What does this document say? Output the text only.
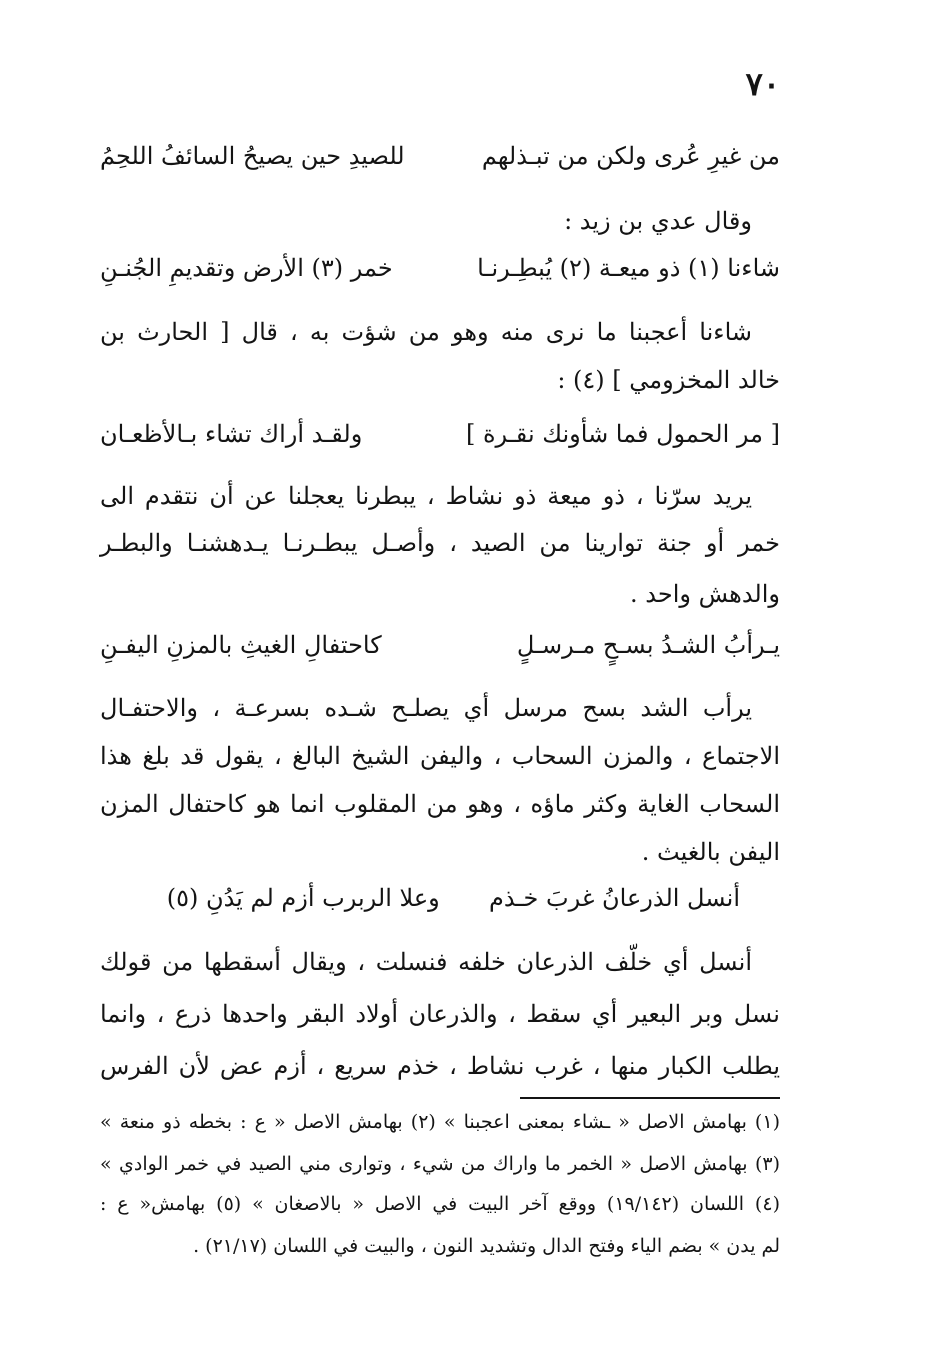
٧٠
من غيرِ عُرى ولكن من تبـذلهم
للصيدِ حين يصيحُ السائفُ اللحِمُ
وقال عدي بن زيد :
شاءنا (١) ذو ميعـة (٢) يُبطِـرنـا
خمر (٣) الأرض وتقديمِ الجُنـنِ
شاءنا أعجبنا ما نرى منه وهو من شؤت به ، قال [ الحارث بن
خالد المخزومي ] (٤) :
[ مر الحمول فما شأونك نقـرة ]
ولقـد أراك تشاء بـالأظعـان
يريد سرّنا ، ذو ميعة ذو نشاط ، يبطرنا يعجلنا عن أن نتقدم الى
خمر أو جنة توارينا من الصيد ، وأصـل يبطـرنـا يـدهشنـا والبطـر
والدهش واحد .
يـرأبُ الشـدُ بسـحٍ مـرسـلٍ
كاحتفالِ الغيثِ بالمزنِ اليفـنِ
يرأب الشد بسح مرسل أي يصلـح شـده بسرعـة ، والاحتفـال
الاجتماع ، والمزن السحاب ، واليفن الشيخ البالغ ، يقول قد بلغ هذا
السحاب الغاية وكثر ماؤه ، وهو من المقلوب انما هو كاحتفال المزن
اليفن بالغيث .
أنسل الذرعانُ غربَ خـذم  وعلا الربرب أزم لم يَدُنِ (٥)
أنسل أي خلّف الذرعان خلفه فنسلت ، ويقال أسقطها من قولك
نسل وبر البعير أي سقط ، والذرعان أولاد البقر واحدها ذرع ، وانما
يطلب الكبار منها ، غرب نشاط ، خذم سريع ، أزم عض لأن الفرس
(١) بهامش الاصل « ـشاء بمعنى اعجبنا » (٢) بهامش الاصل « ع : بخطه ذو منعة »
(٣) بهامش الاصل « الخمر ما واراك من شيء ، وتوارى مني الصيد في خمر الوادي »
(٤) اللسان (١٩/١٤٢) ووقع آخر البيت في الاصل « بالاصغان » (٥) بهامش« ع :
لم يدن » بضم الياء وفتح الدال وتشديد النون ، والبيت في اللسان (٢١/١٧) .
